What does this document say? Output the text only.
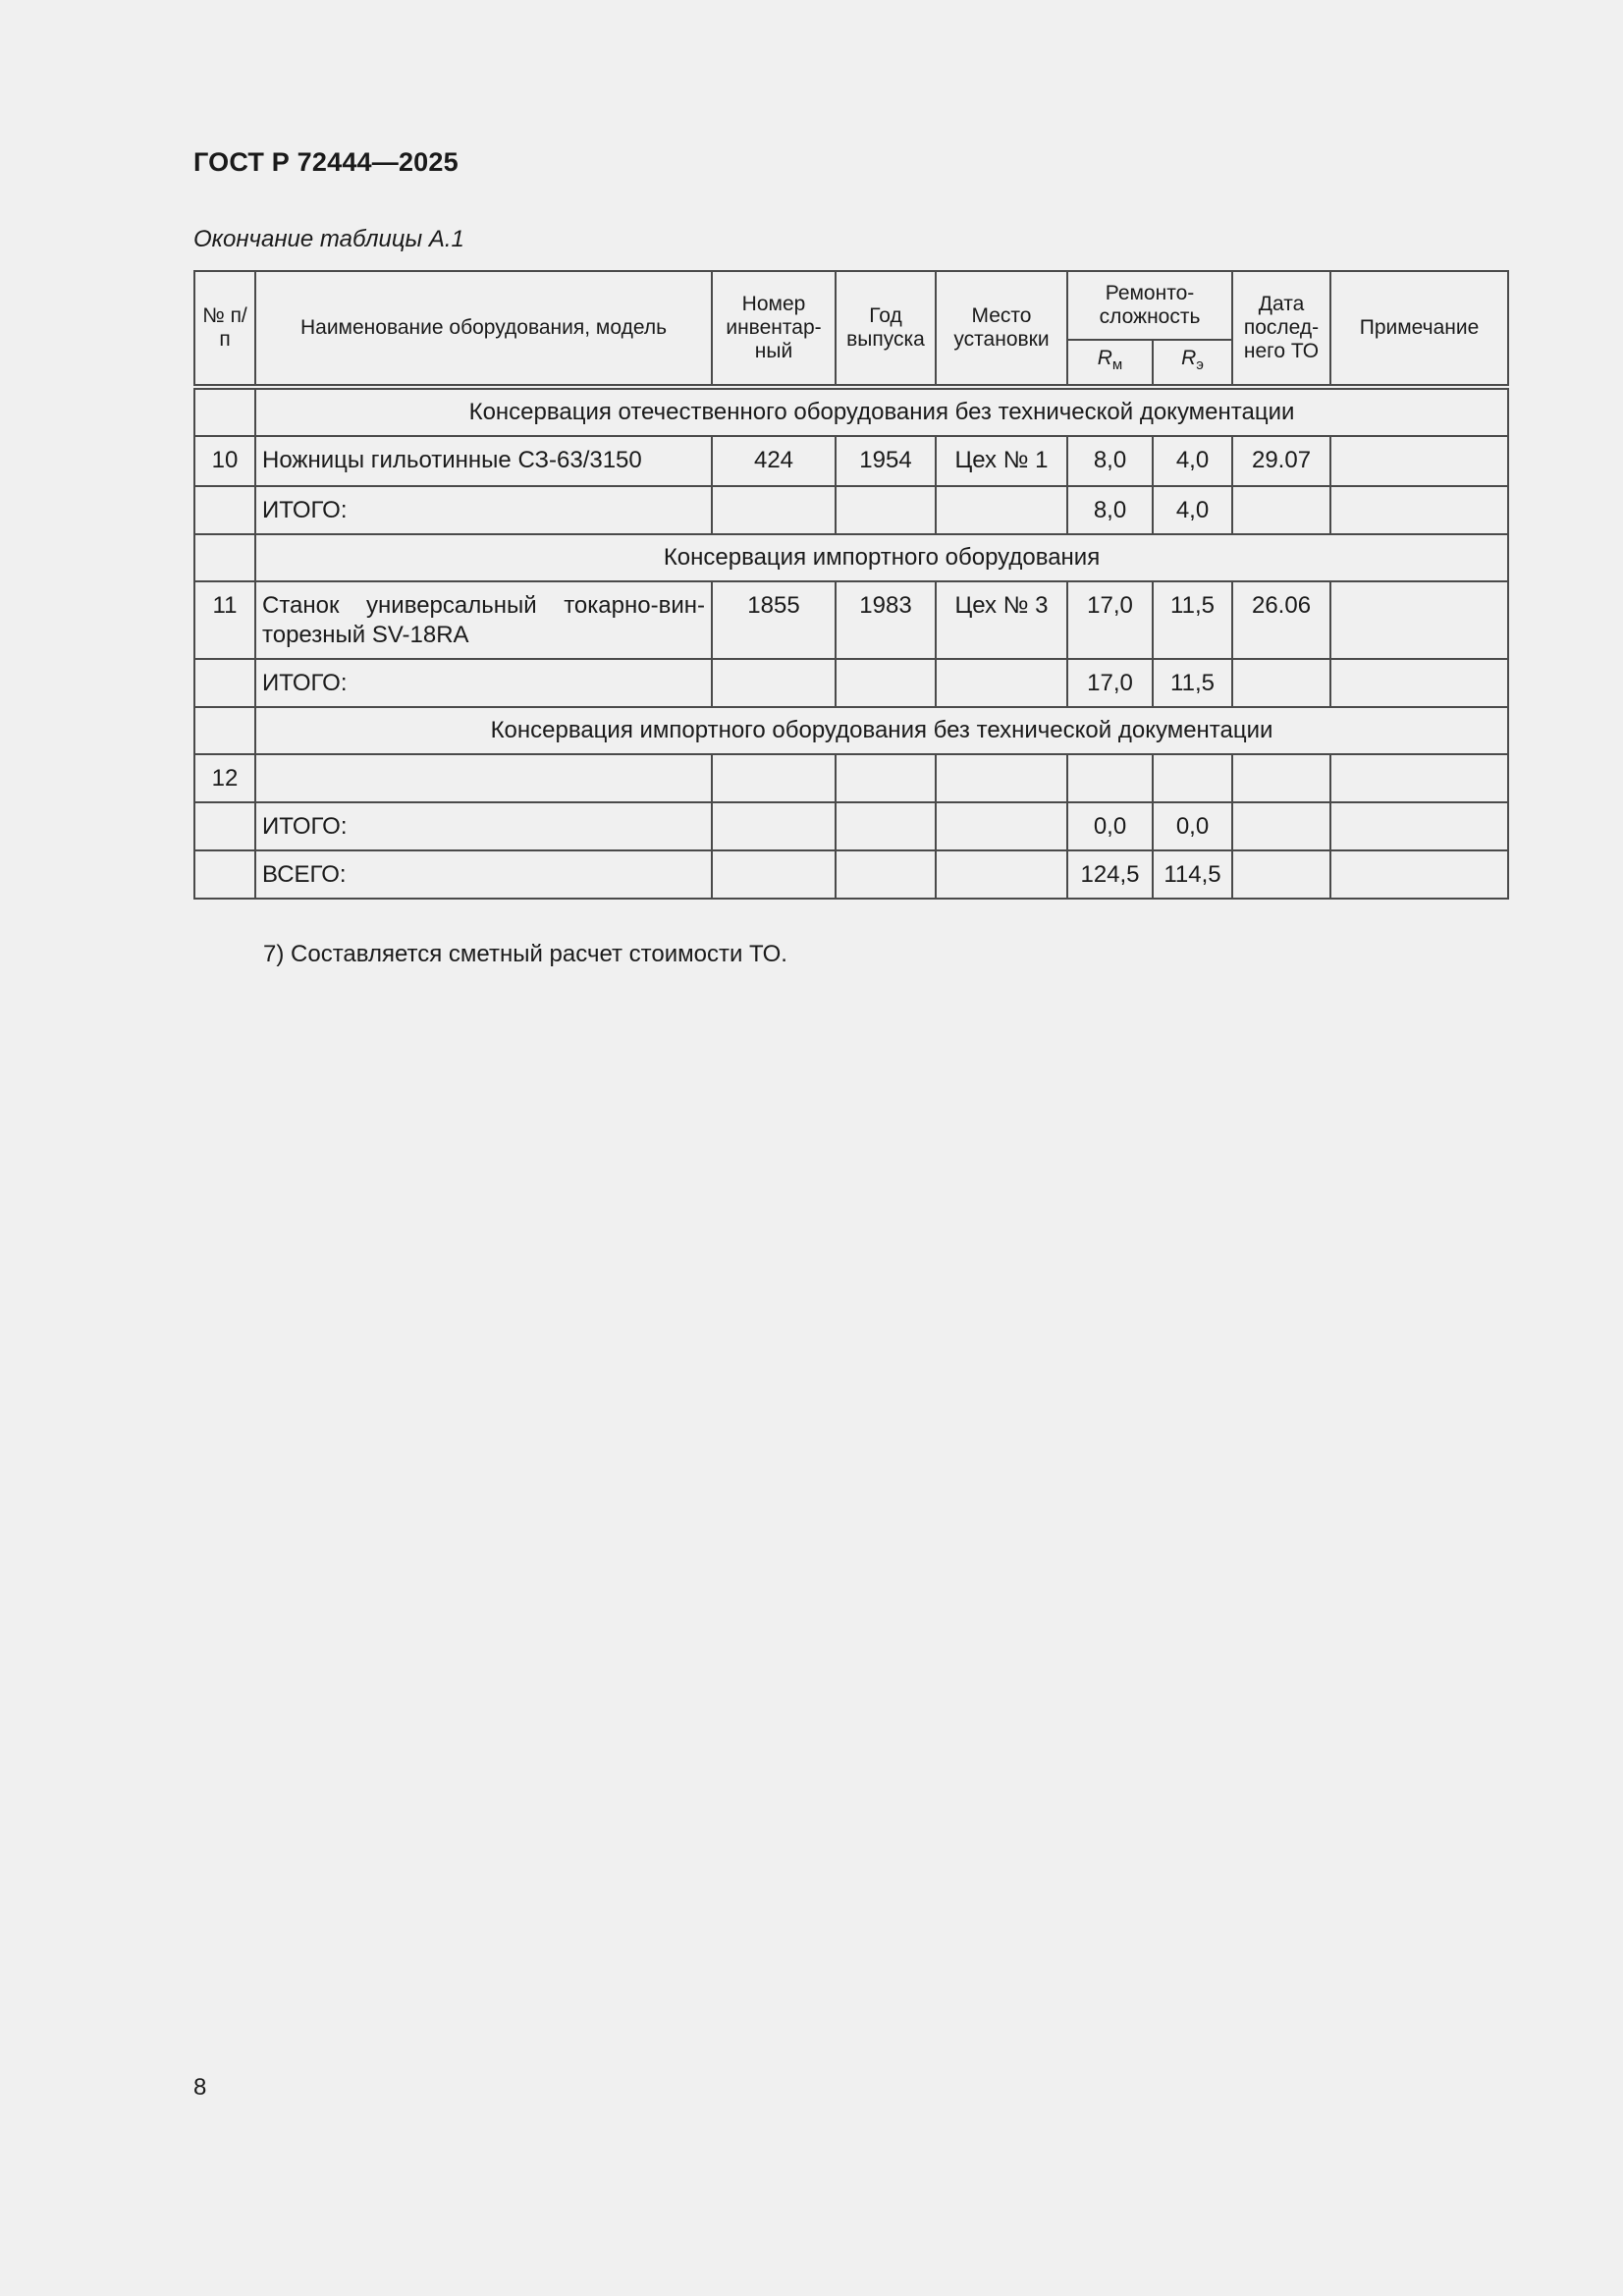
ГОСТ Р 72444—2025
Окончание таблицы А.1
№ п/п	Наименование оборудования, модель	Номер инвентар-ный	Год выпуска	Место установки	Ремонто-сложность		Дата послед-него ТО	Примечание
					$R_м$	$R_э$
	Консервация отечественного оборудования без технической документации							
10	Ножницы гильотинные СЗ-63/3150	424	1954	Цех № 1	8,0	4,0	29.07	
	ИТОГО:				8,0	4,0		
	Консервация импортного оборудования							
11	Станок универсальный токарно-вин-торезный SV-18RA	1855	1983	Цех № 3	17,0	11,5	26.06	
	ИТОГО:				17,0	11,5		
	Консервация импортного оборудования без технической документации							
12								
	ИТОГО:				0,0	0,0		
	ВСЕГО:				124,5	114,5		
7) Составляется сметный расчет стоимости ТО.
8
